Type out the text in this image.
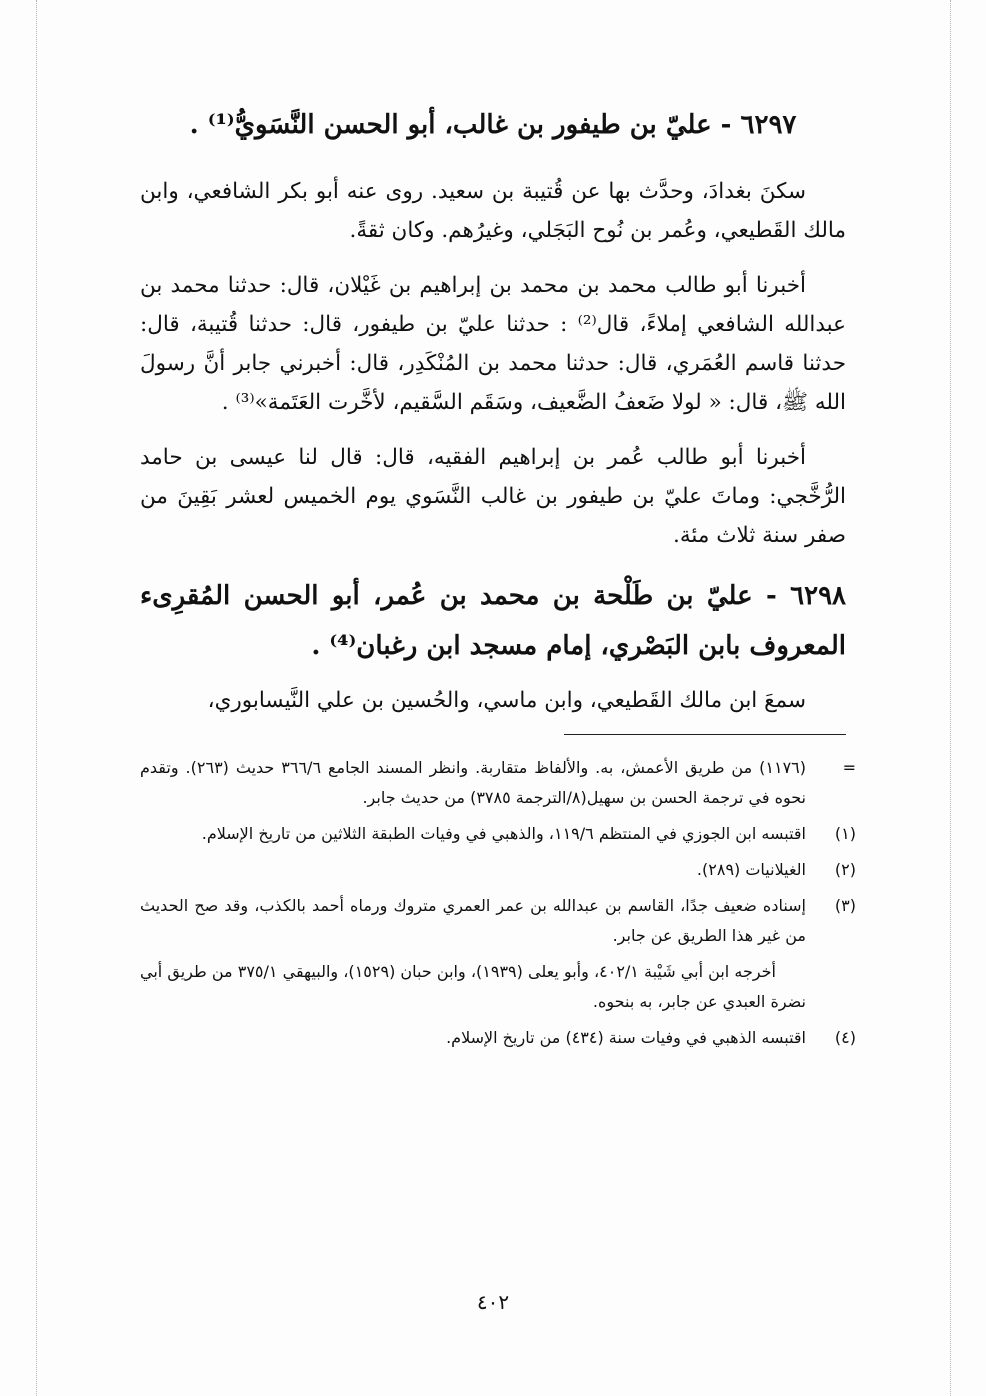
٦٢٩٧ - عليّ بن طيفور بن غالب، أبو الحسن النَّسَويُّ⁽¹⁾ .

سكنَ بغدادَ، وحدَّث بها عن قُتيبة بن سعيد. روى عنه أبو بكر الشافعي، وابن مالك القَطيعي، وعُمر بن نُوح البَجَلي، وغيرُهم. وكان ثقةً.

أخبرنا أبو طالب محمد بن محمد بن إبراهيم بن غَيْلان، قال: حدثنا محمد بن عبدالله الشافعي إملاءً، قال⁽²⁾ : حدثنا عليّ بن طيفور، قال: حدثنا قُتيبة، قال: حدثنا قاسم العُمَري، قال: حدثنا محمد بن المُنْكَدِر، قال: أخبرني جابر أنَّ رسولَ الله ﷺ، قال: « لولا ضَعفُ الضَّعيف، وسَقَم السَّقيم، لأخَّرت العَتَمة»⁽³⁾ .

أخبرنا أبو طالب عُمر بن إبراهيم الفقيه، قال: قال لنا عيسى بن حامد الرُّخَّجي: وماتَ عليّ بن طيفور بن غالب النَّسَوي يوم الخميس لعشر بَقِينَ من صفر سنة ثلاث مئة.

٦٢٩٨ - عليّ بن طَلْحة بن محمد بن عُمر، أبو الحسن المُقرِىء المعروف بابن البَصْري، إمام مسجد ابن رغبان⁽⁴⁾ .

سمعَ ابن مالك القَطيعي، وابن ماسي، والحُسين بن علي النَّيسابوري،

=
(١١٧٦) من طريق الأعمش، به. والألفاظ متقاربة. وانظر المسند الجامع ٣٦٦/٦ حديث (٢٦٣). وتقدم نحوه في ترجمة الحسن بن سهيل(٨/الترجمة ٣٧٨٥) من حديث جابر.

(١)
اقتبسه ابن الجوزي في المنتظم ١١٩/٦، والذهبي في وفيات الطبقة الثلاثين من تاريخ الإسلام.

(٢)
الغيلانيات (٢٨٩).

(٣)
إسناده ضعيف جدًا، القاسم بن عبدالله بن عمر العمري متروك ورماه أحمد بالكذب، وقد صح الحديث من غير هذا الطريق عن جابر.

أخرجه ابن أبي شَيْبة ٤٠٢/١، وأبو يعلى (١٩٣٩)، وابن حبان (١٥٢٩)، والبيهقي ٣٧٥/١ من طريق أبي نضرة العبدي عن جابر، به بنحوه.

(٤)
اقتبسه الذهبي في وفيات سنة (٤٣٤) من تاريخ الإسلام.

٤٠٢
